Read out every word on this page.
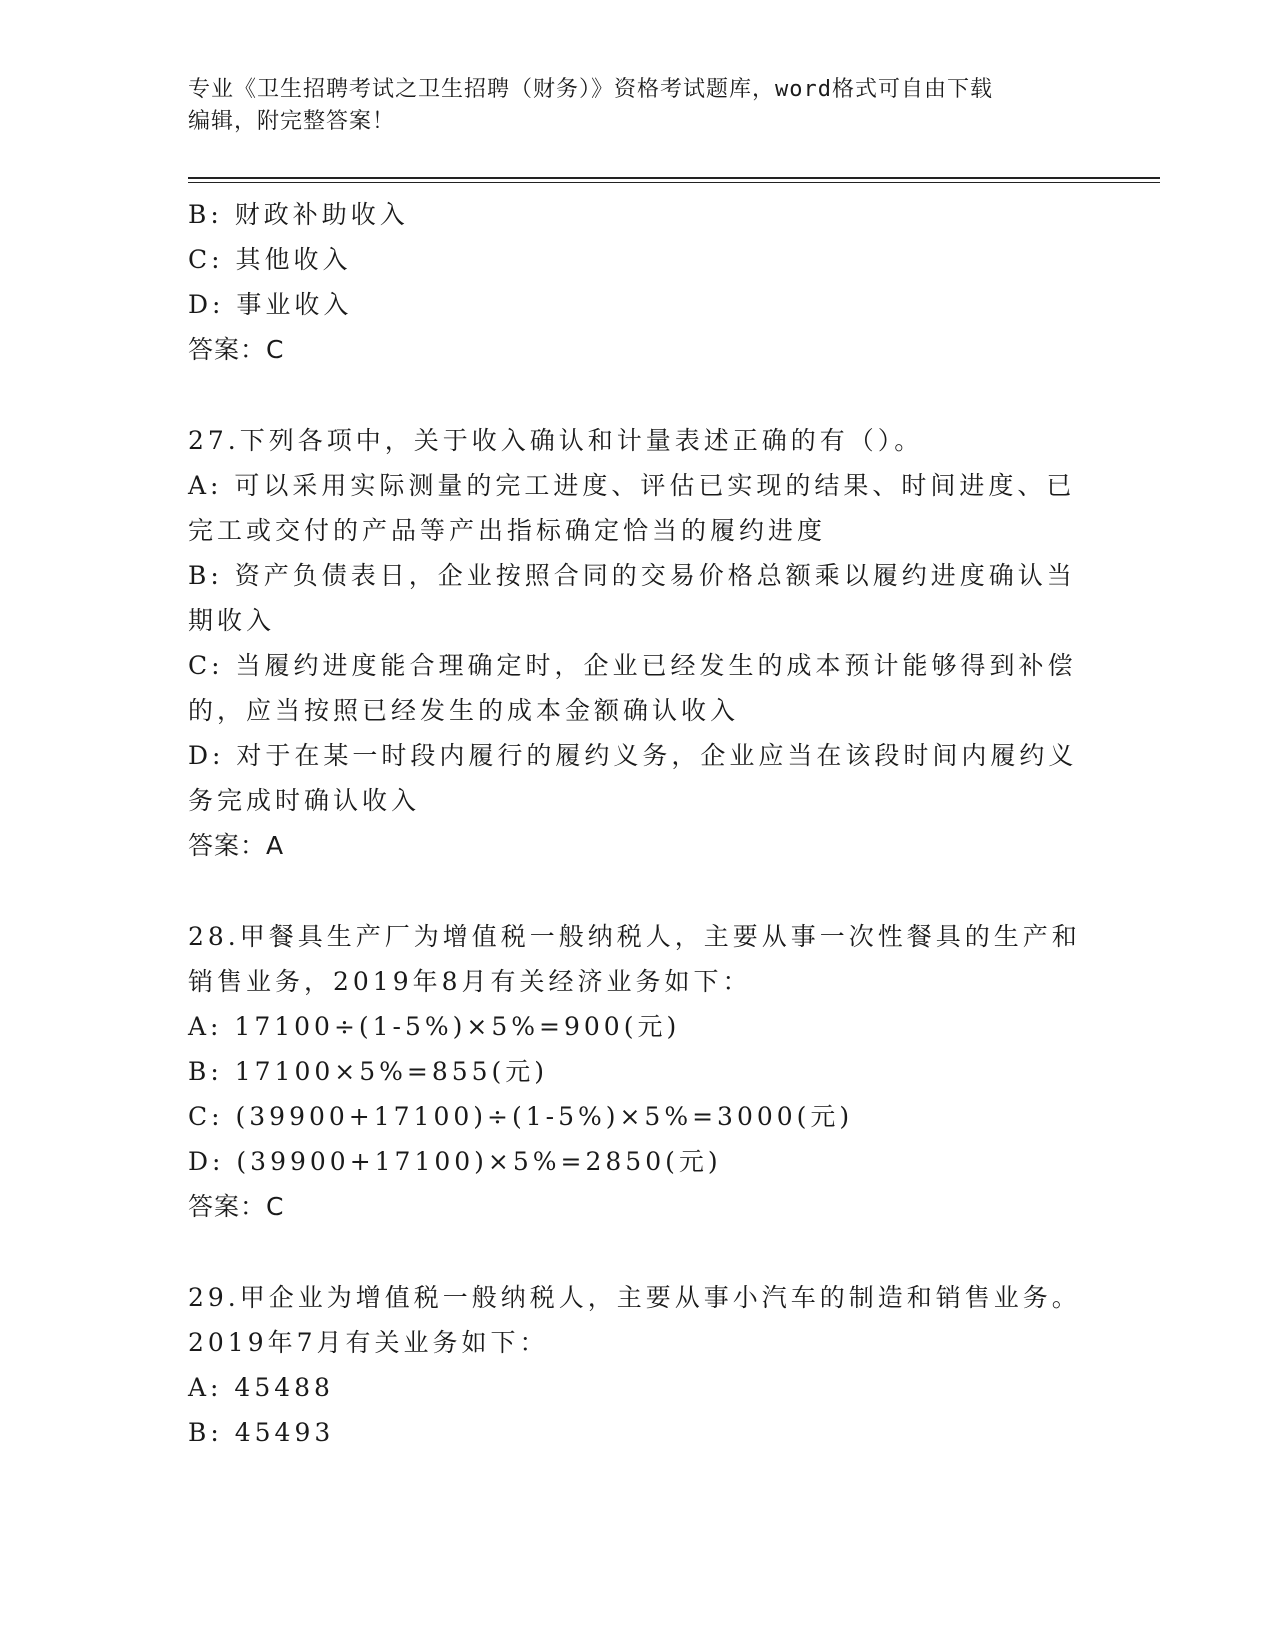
专业《卫生招聘考试之卫生招聘（财务）》资格考试题库，word格式可自由下载
编辑，附完整答案！
B: 财政补助收入
C: 其他收入
D: 事业收入
答案：C
27.下列各项中，关于收入确认和计量表述正确的有（）。
A: 可以采用实际测量的完工进度、评估已实现的结果、时间进度、已
完工或交付的产品等产出指标确定恰当的履约进度
B: 资产负债表日，企业按照合同的交易价格总额乘以履约进度确认当
期收入
C: 当履约进度能合理确定时，企业已经发生的成本预计能够得到补偿
的，应当按照已经发生的成本金额确认收入
D: 对于在某一时段内履行的履约义务，企业应当在该段时间内履约义
务完成时确认收入
答案：A
28.甲餐具生产厂为增值税一般纳税人，主要从事一次性餐具的生产和
销售业务，2019年8月有关经济业务如下：
A: 17100÷(1-5%)×5%=900(元)
B: 17100×5%=855(元)
C: (39900+17100)÷(1-5%)×5%=3000(元)
D: (39900+17100)×5%=2850(元)
答案：C
29.甲企业为增值税一般纳税人，主要从事小汽车的制造和销售业务。
2019年7月有关业务如下：
A: 45488
B: 45493
